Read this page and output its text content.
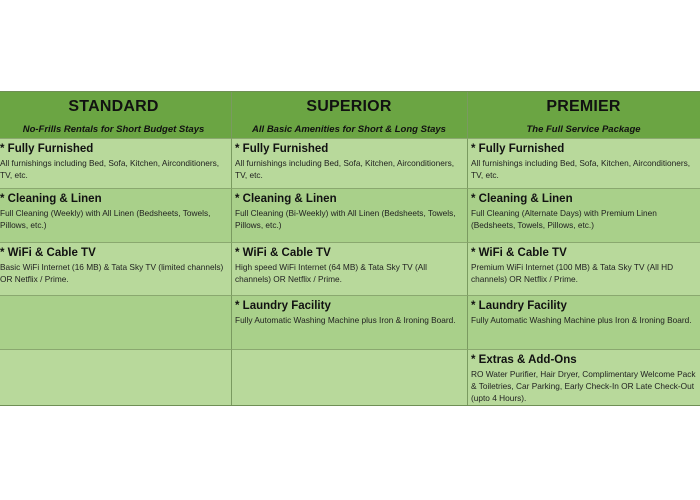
STANDARD
No-Frills Rentals for Short Budget Stays
SUPERIOR
All Basic Amenities for Short & Long Stays
PREMIER
The Full Service Package
* Fully Furnished
All furnishings including Bed, Sofa, Kitchen, Airconditioners, TV, etc.
* Fully Furnished
All furnishings including Bed, Sofa, Kitchen, Airconditioners, TV, etc.
* Fully Furnished
All furnishings including Bed, Sofa, Kitchen, Airconditioners, TV, etc.
* Cleaning & Linen
Full Cleaning (Weekly) with All Linen (Bedsheets, Towels, Pillows, etc.)
* Cleaning & Linen
Full Cleaning (Bi-Weekly) with All Linen (Bedsheets, Towels, Pillows, etc.)
* Cleaning & Linen
Full Cleaning (Alternate Days) with Premium Linen (Bedsheets, Towels, Pillows, etc.)
* WiFi & Cable TV
Basic WiFi Internet (16 MB) & Tata Sky TV (limited channels) OR Netflix / Prime.
* WiFi & Cable TV
High speed WiFi Internet (64 MB) & Tata Sky TV (All channels) OR Netflix / Prime.
* WiFi & Cable TV
Premium WiFi Internet (100 MB) & Tata Sky TV (All HD channels) OR Netflix / Prime.
* Laundry Facility
Fully Automatic Washing Machine plus Iron & Ironing Board.
* Laundry Facility
Fully Automatic Washing Machine plus Iron & Ironing Board.
* Extras & Add-Ons
RO Water Purifier, Hair Dryer, Complimentary Welcome Pack & Toiletries, Car Parking, Early Check-In OR Late Check-Out (upto 4 Hours).
